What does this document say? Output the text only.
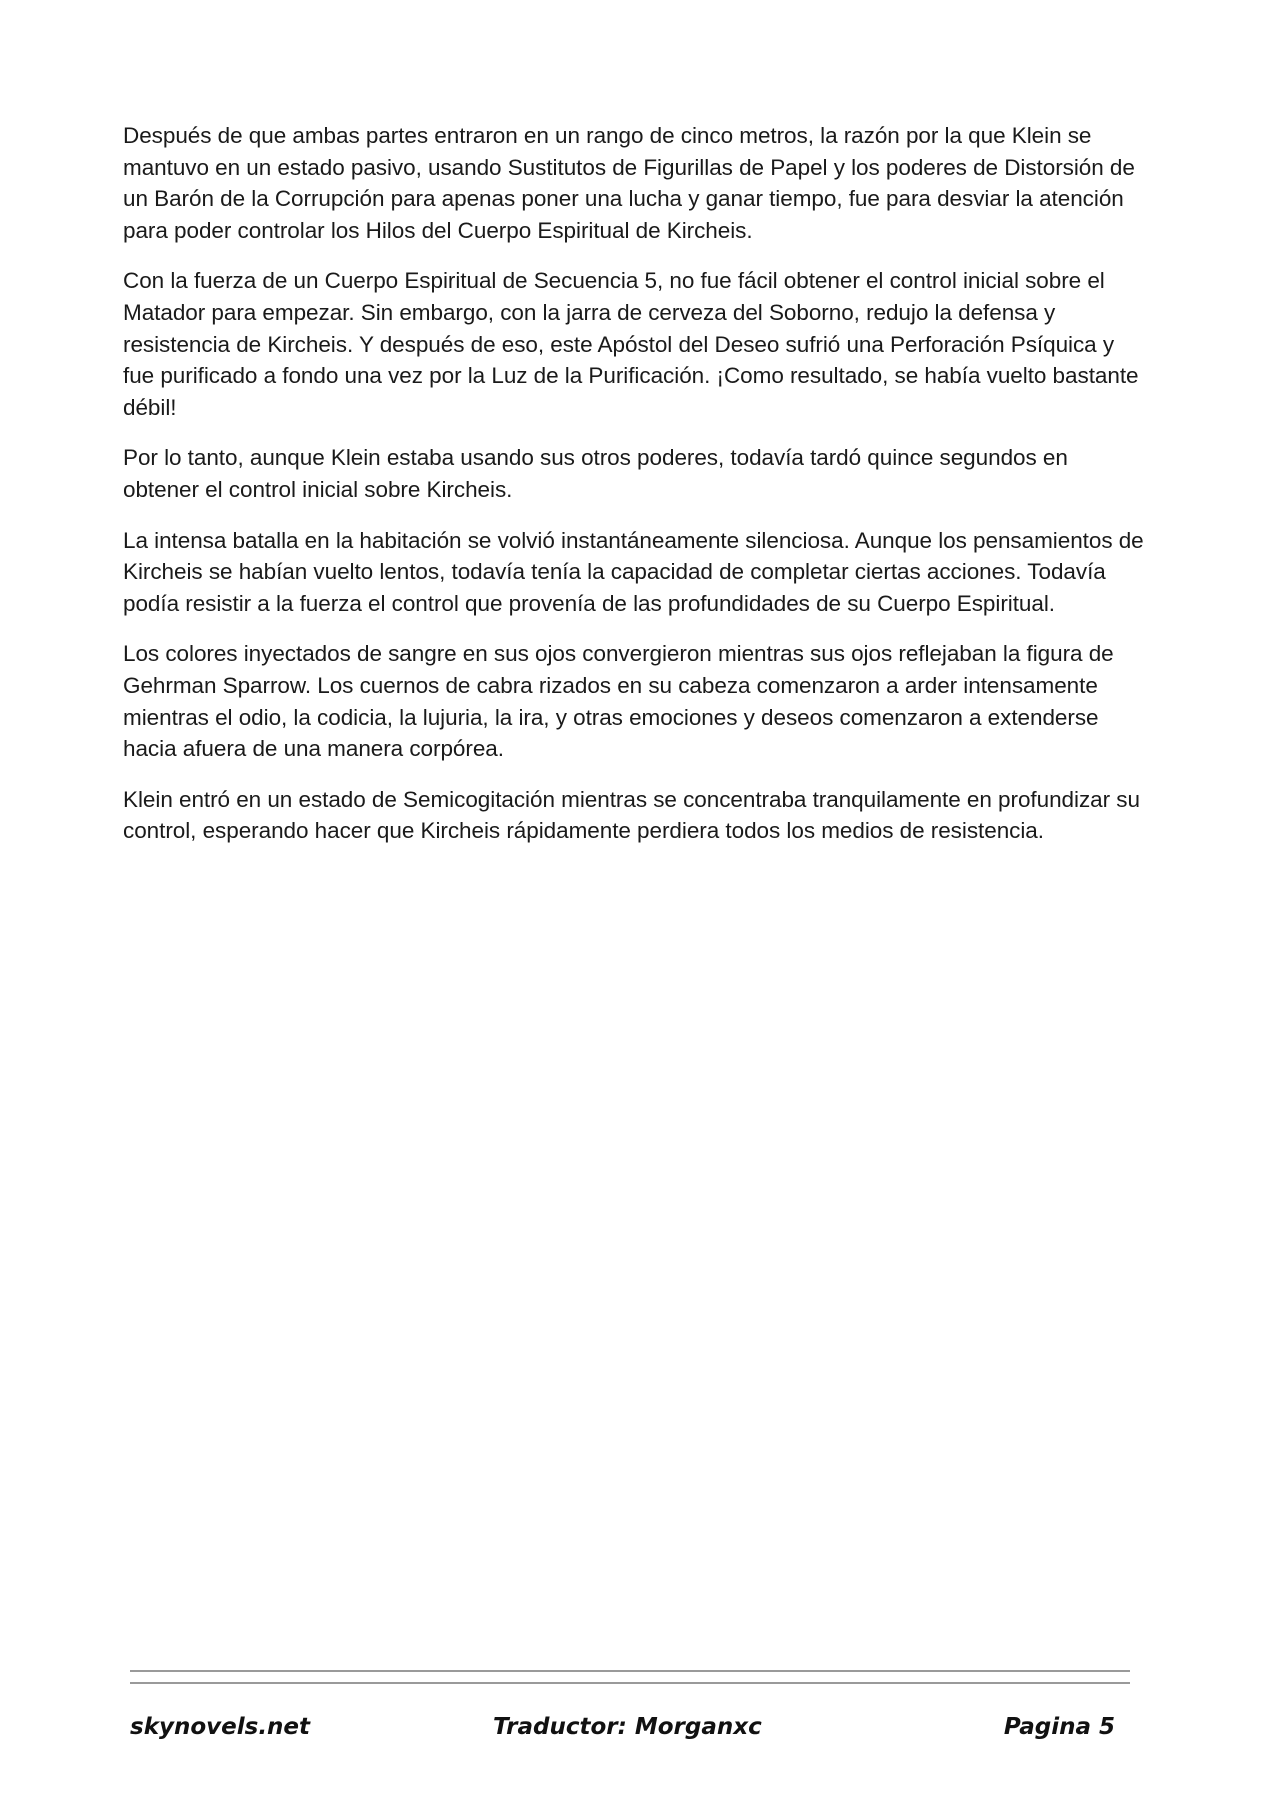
Después de que ambas partes entraron en un rango de cinco metros, la razón por la que Klein se mantuvo en un estado pasivo, usando Sustitutos de Figurillas de Papel y los poderes de Distorsión de un Barón de la Corrupción para apenas poner una lucha y ganar tiempo, fue para desviar la atención para poder controlar los Hilos del Cuerpo Espiritual de Kircheis.

Con la fuerza de un Cuerpo Espiritual de Secuencia 5, no fue fácil obtener el control inicial sobre el Matador para empezar. Sin embargo, con la jarra de cerveza del Soborno, redujo la defensa y resistencia de Kircheis. Y después de eso, este Apóstol del Deseo sufrió una Perforación Psíquica y fue purificado a fondo una vez por la Luz de la Purificación. ¡Como resultado, se había vuelto bastante débil!

Por lo tanto, aunque Klein estaba usando sus otros poderes, todavía tardó quince segundos en obtener el control inicial sobre Kircheis.

La intensa batalla en la habitación se volvió instantáneamente silenciosa. Aunque los pensamientos de Kircheis se habían vuelto lentos, todavía tenía la capacidad de completar ciertas acciones. Todavía podía resistir a la fuerza el control que provenía de las profundidades de su Cuerpo Espiritual.

Los colores inyectados de sangre en sus ojos convergieron mientras sus ojos reflejaban la figura de Gehrman Sparrow. Los cuernos de cabra rizados en su cabeza comenzaron a arder intensamente mientras el odio, la codicia, la lujuria, la ira, y otras emociones y deseos comenzaron a extenderse hacia afuera de una manera corpórea.

Klein entró en un estado de Semicogitación mientras se concentraba tranquilamente en profundizar su control, esperando hacer que Kircheis rápidamente perdiera todos los medios de resistencia.

skynovels.net	Traductor: Morganxc	Pagina 5
